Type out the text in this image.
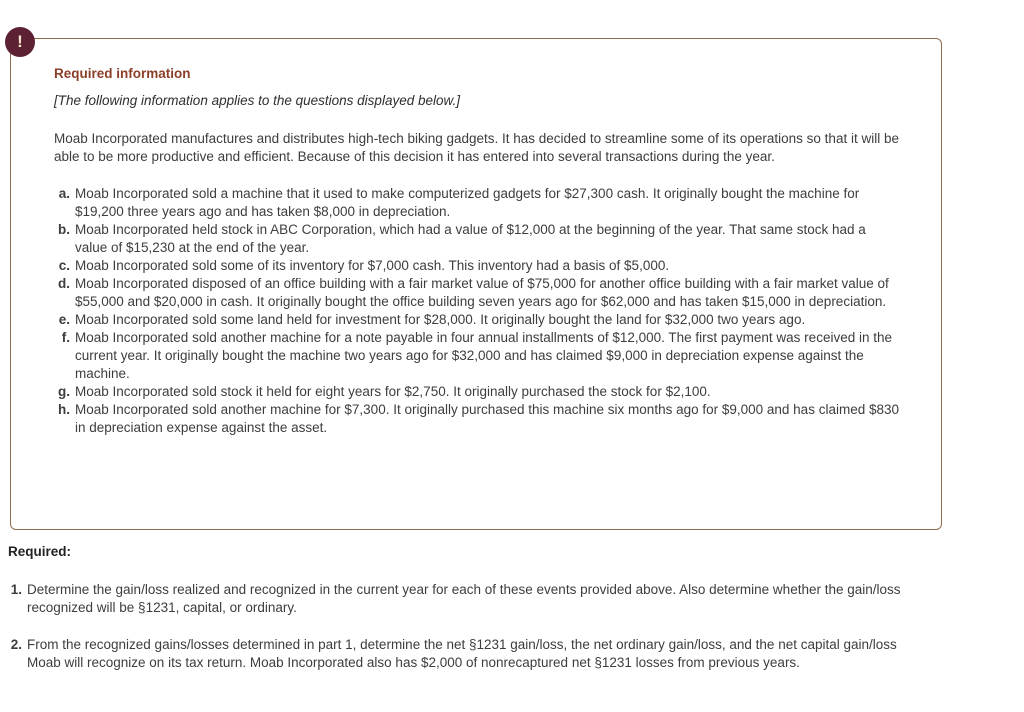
!
Required information
[The following information applies to the questions displayed below.]
Moab Incorporated manufactures and distributes high-tech biking gadgets. It has decided to streamline some of its operations so that it will be able to be more productive and efficient. Because of this decision it has entered into several transactions during the year.
a. Moab Incorporated sold a machine that it used to make computerized gadgets for $27,300 cash. It originally bought the machine for $19,200 three years ago and has taken $8,000 in depreciation.
b. Moab Incorporated held stock in ABC Corporation, which had a value of $12,000 at the beginning of the year. That same stock had a value of $15,230 at the end of the year.
c. Moab Incorporated sold some of its inventory for $7,000 cash. This inventory had a basis of $5,000.
d. Moab Incorporated disposed of an office building with a fair market value of $75,000 for another office building with a fair market value of $55,000 and $20,000 in cash. It originally bought the office building seven years ago for $62,000 and has taken $15,000 in depreciation.
e. Moab Incorporated sold some land held for investment for $28,000. It originally bought the land for $32,000 two years ago.
f. Moab Incorporated sold another machine for a note payable in four annual installments of $12,000. The first payment was received in the current year. It originally bought the machine two years ago for $32,000 and has claimed $9,000 in depreciation expense against the machine.
g. Moab Incorporated sold stock it held for eight years for $2,750. It originally purchased the stock for $2,100.
h. Moab Incorporated sold another machine for $7,300. It originally purchased this machine six months ago for $9,000 and has claimed $830 in depreciation expense against the asset.
Required:
1. Determine the gain/loss realized and recognized in the current year for each of these events provided above. Also determine whether the gain/loss recognized will be §1231, capital, or ordinary.
2. From the recognized gains/losses determined in part 1, determine the net §1231 gain/loss, the net ordinary gain/loss, and the net capital gain/loss Moab will recognize on its tax return. Moab Incorporated also has $2,000 of nonrecaptured net §1231 losses from previous years.
